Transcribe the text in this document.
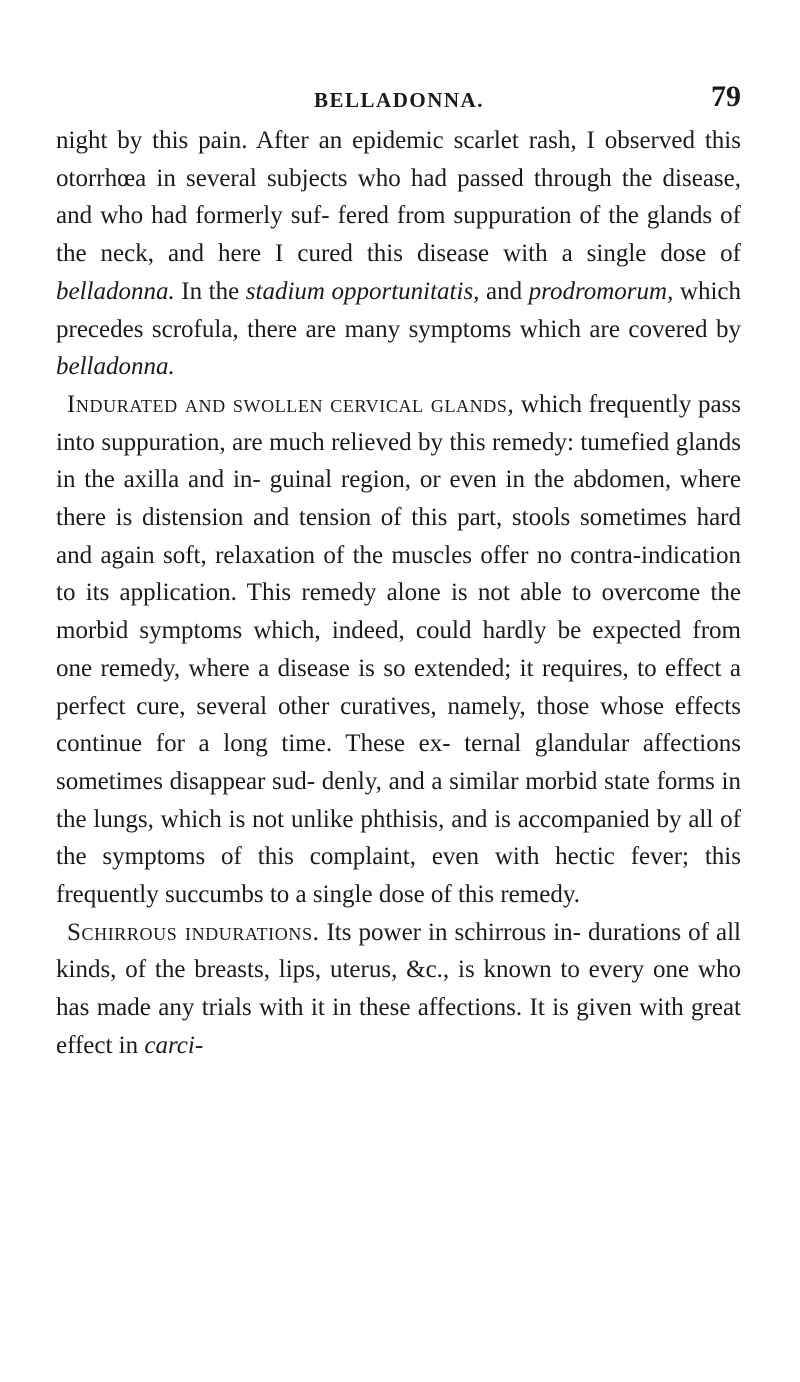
BELLADONNA.	79

night by this pain. After an epidemic scarlet rash, I observed this otorrhœa in several subjects who had passed through the disease, and who had formerly suf- fered from suppuration of the glands of the neck, and here I cured this disease with a single dose of belladonna. In the stadium opportunitatis, and prodromorum, which precedes scrofula, there are many symptoms which are covered by belladonna.

Indurated and swollen cervical glands, which frequently pass into suppuration, are much relieved by this remedy: tumefied glands in the axilla and in- guinal region, or even in the abdomen, where there is distension and tension of this part, stools sometimes hard and again soft, relaxation of the muscles offer no contra-indication to its application. This remedy alone is not able to overcome the morbid symptoms which, indeed, could hardly be expected from one remedy, where a disease is so extended; it requires, to effect a perfect cure, several other curatives, namely, those whose effects continue for a long time. These ex- ternal glandular affections sometimes disappear sud- denly, and a similar morbid state forms in the lungs, which is not unlike phthisis, and is accompanied by all of the symptoms of this complaint, even with hectic fever; this frequently succumbs to a single dose of this remedy.

Schirrous indurations. Its power in schirrous in- durations of all kinds, of the breasts, lips, uterus, &c., is known to every one who has made any trials with it in these affections. It is given with great effect in carci-
